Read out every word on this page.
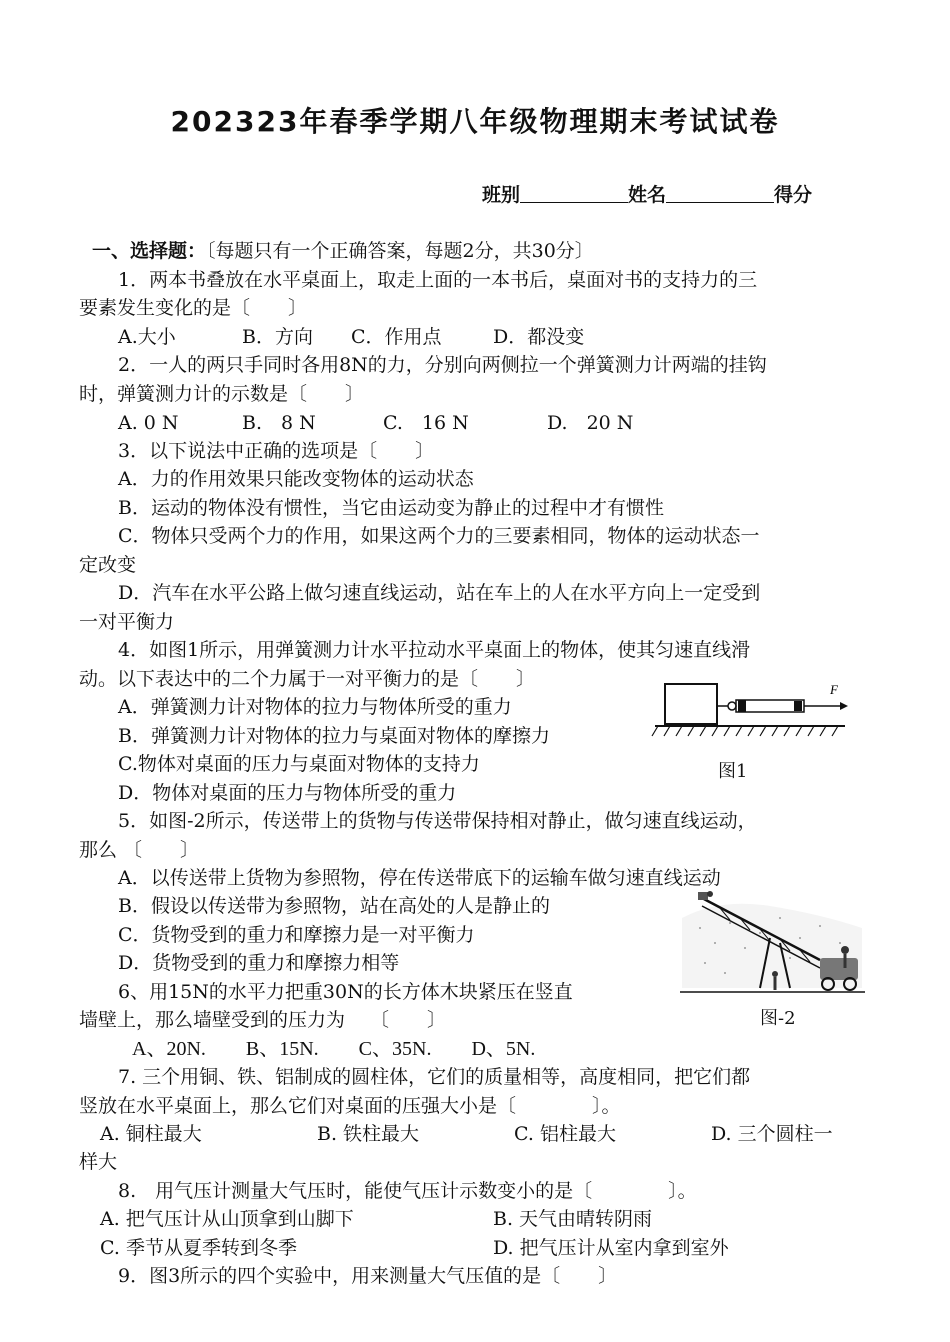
202323年春季学期八年级物理期末考试试卷
班别	姓名	得分
一、选择题：〔每题只有一个正确答案，每题2分，共30分〕
1．两本书叠放在水平桌面上，取走上面的一本书后，桌面对书的支持力的三
要素发生变化的是〔　　〕
A.大小	B．方向 C．作用点	D．都没变
2．一人的两只手同时各用8N的力，分别向两侧拉一个弹簧测力计两端的挂钩
时，弹簧测力计的示数是〔　　〕
A. 0 N	B.　8 N	C.　16 N	D.　20 N
3．以下说法中正确的选项是〔　　〕
A．力的作用效果只能改变物体的运动状态
B．运动的物体没有惯性，当它由运动变为静止的过程中才有惯性
C．物体只受两个力的作用，如果这两个力的三要素相同，物体的运动状态一
定改变
D．汽车在水平公路上做匀速直线运动，站在车上的人在水平方向上一定受到
一对平衡力
4．如图1所示，用弹簧测力计水平拉动水平桌面上的物体，使其匀速直线滑
动。以下表达中的二个力属于一对平衡力的是〔　　〕
A．弹簧测力计对物体的拉力与物体所受的重力
B．弹簧测力计对物体的拉力与桌面对物体的摩擦力
C.物体对桌面的压力与桌面对物体的支持力
D．物体对桌面的压力与物体所受的重力
F
图1
5．如图-2所示，传送带上的货物与传送带保持相对静止，做匀速直线运动，
那么 〔　　〕
A．以传送带上货物为参照物，停在传送带底下的运输车做匀速直线运动
B．假设以传送带为参照物，站在高处的人是静止的
C．货物受到的重力和摩擦力是一对平衡力
D．货物受到的重力和摩擦力相等
图-2
6、用15N的水平力把重30N的长方体木块紧压在竖直
墙壁上，那么墙壁受到的压力为　 〔　　〕
A、20N.　　B、15N.　　C、35N.　　D、5N.
7. 三个用铜、铁、铝制成的圆柱体，它们的质量相等，高度相同，把它们都
竖放在水平桌面上，那么它们对桌面的压强大小是〔　　　　〕。
A. 铜柱最大	B. 铁柱最大	C. 铝柱最大	D. 三个圆柱一
样大
8.　用气压计测量大气压时，能使气压计示数变小的是〔　　　　〕。
A. 把气压计从山顶拿到山脚下	B. 天气由晴转阴雨
C. 季节从夏季转到冬季	D. 把气压计从室内拿到室外
9．图3所示的四个实验中，用来测量大气压值的是〔　　〕
